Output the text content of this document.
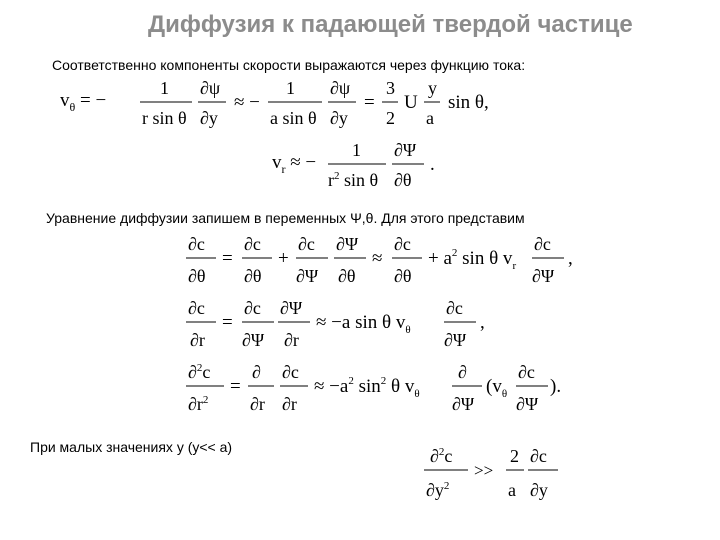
Диффузия к падающей твердой частице
Соответственно компоненты скорости выражаются через функцию тока:
$v_\theta$ = −
1
r sin θ
∂ψ
∂y
≈ −
1
a sin θ
∂ψ
∂y
=
3
2
U
y
a
sin θ,
$v_r$ ≈ −
1
$r^2$ sin θ
∂Ψ
∂θ
.
Уравнение диффузии запишем в переменных Ψ,θ. Для этого представим
∂c
∂θ
=
∂c
∂θ
+
∂c
∂Ψ
∂Ψ
∂θ
≈
∂c
∂θ
+ $a^2$ sin θ $v_r$
∂c
∂Ψ
,
∂c
∂r
=
∂c
∂Ψ
∂Ψ
∂r
≈ −a sin θ $v_\theta$
∂c
∂Ψ
,
∂$^2$c
$\partial r^2$
=
∂
∂r
∂c
∂r
≈ $-a^2$ $\sin^2 \theta$ $v_\theta$
∂
∂Ψ
($v_\theta$
∂c
∂Ψ
).
При малых значениях y (y<< a)	∂$^2$c
$\partial y^2$
>>
2
a
∂c
∂y
